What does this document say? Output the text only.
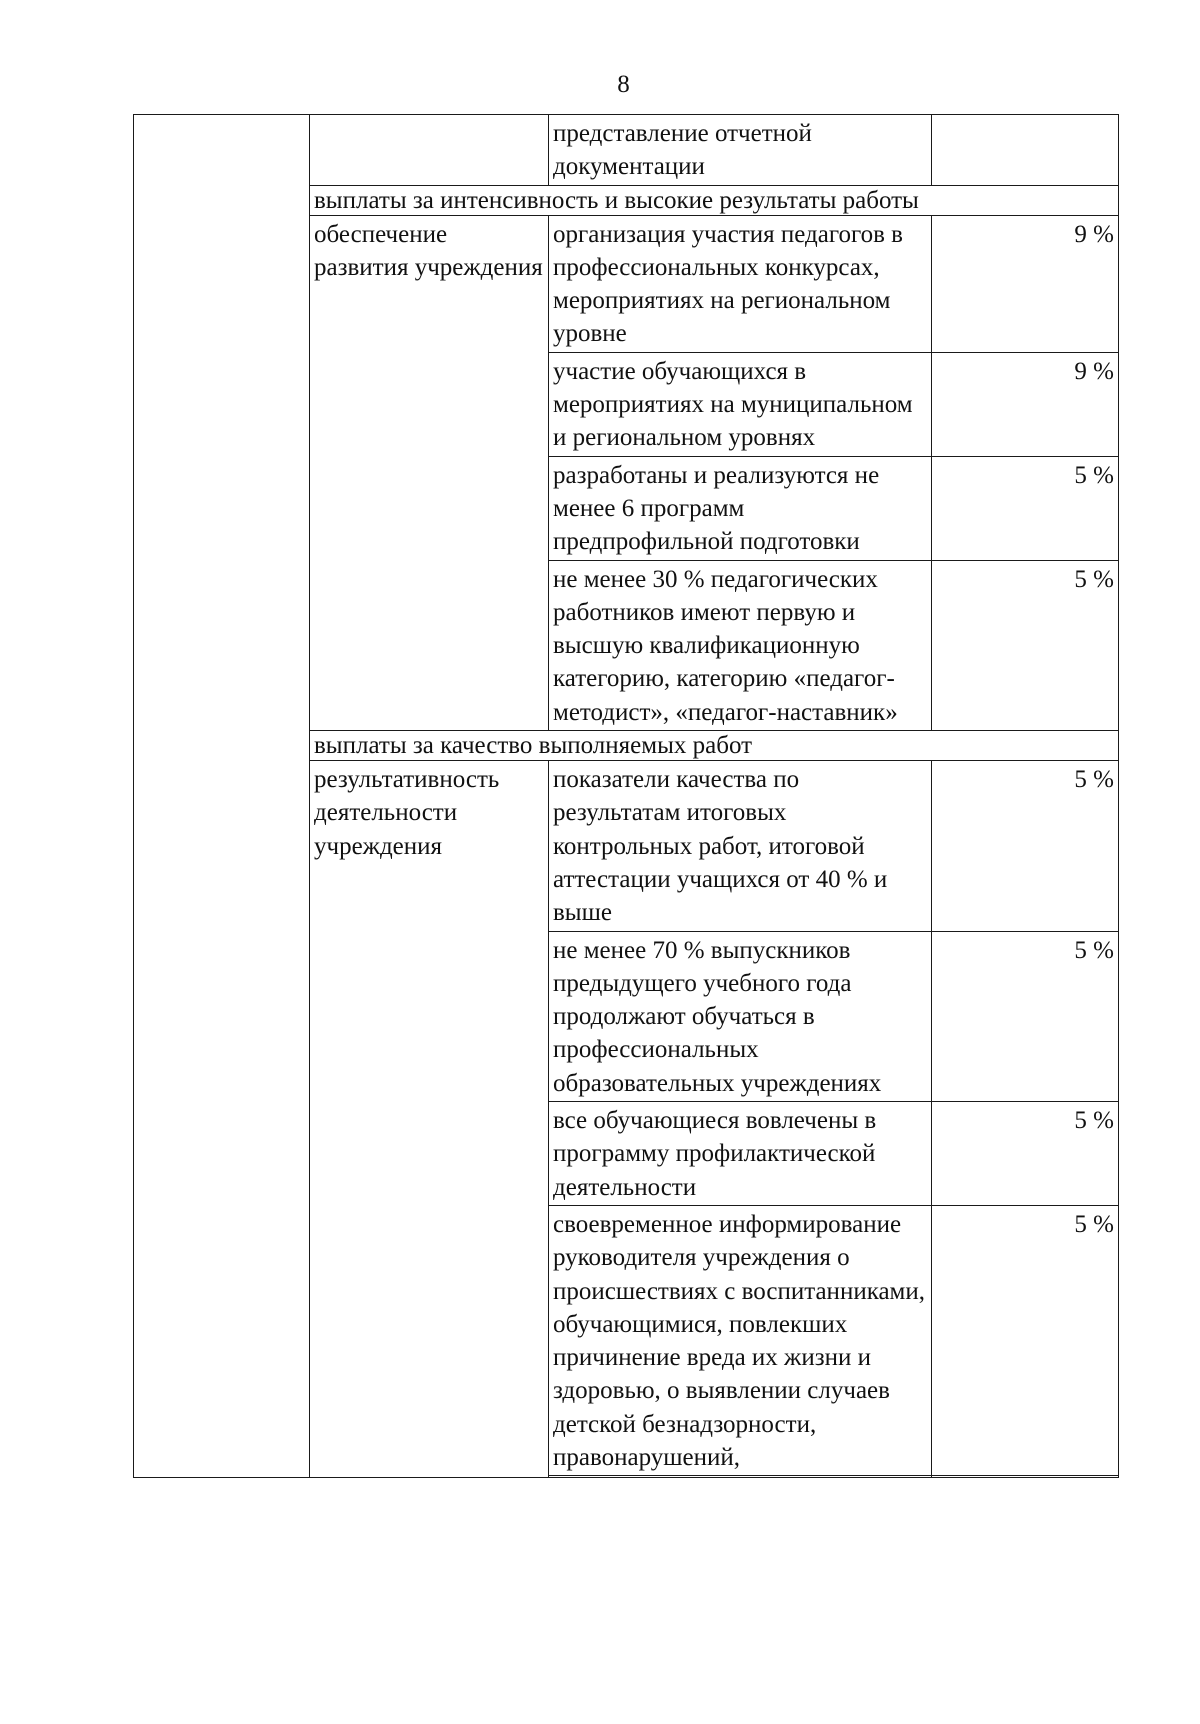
8
		представление отчетной документации	
	выплаты за интенсивность и высокие результаты работы		
	обеспечение развития учреждения	организация участия педагогов в профессиональных конкурсах, мероприятиях на региональном уровне	9 %
		участие обучающихся в мероприятиях на муниципальном и региональном уровнях	9 %
		разработаны и реализуются не менее 6 программ предпрофильной подготовки	5 %
		не менее 30 % педагогических работников имеют первую и высшую квалификационную категорию, категорию «педагог-методист», «педагог-наставник»	5 %
	выплаты за качество выполняемых работ		
	результативность деятельности учреждения	показатели качества по результатам итоговых контрольных работ, итоговой аттестации учащихся от 40 % и выше	5 %
		не менее 70 % выпускников предыдущего учебного года продолжают обучаться в профессиональных образовательных учреждениях	5 %
		все обучающиеся вовлечены в программу профилактической деятельности	5 %
		своевременное информирование руководителя учреждения о происшествиях с воспитанниками, обучающимися, повлекших причинение вреда их жизни и здоровью, о выявлении случаев детской безнадзорности, правонарушений,	5 %
